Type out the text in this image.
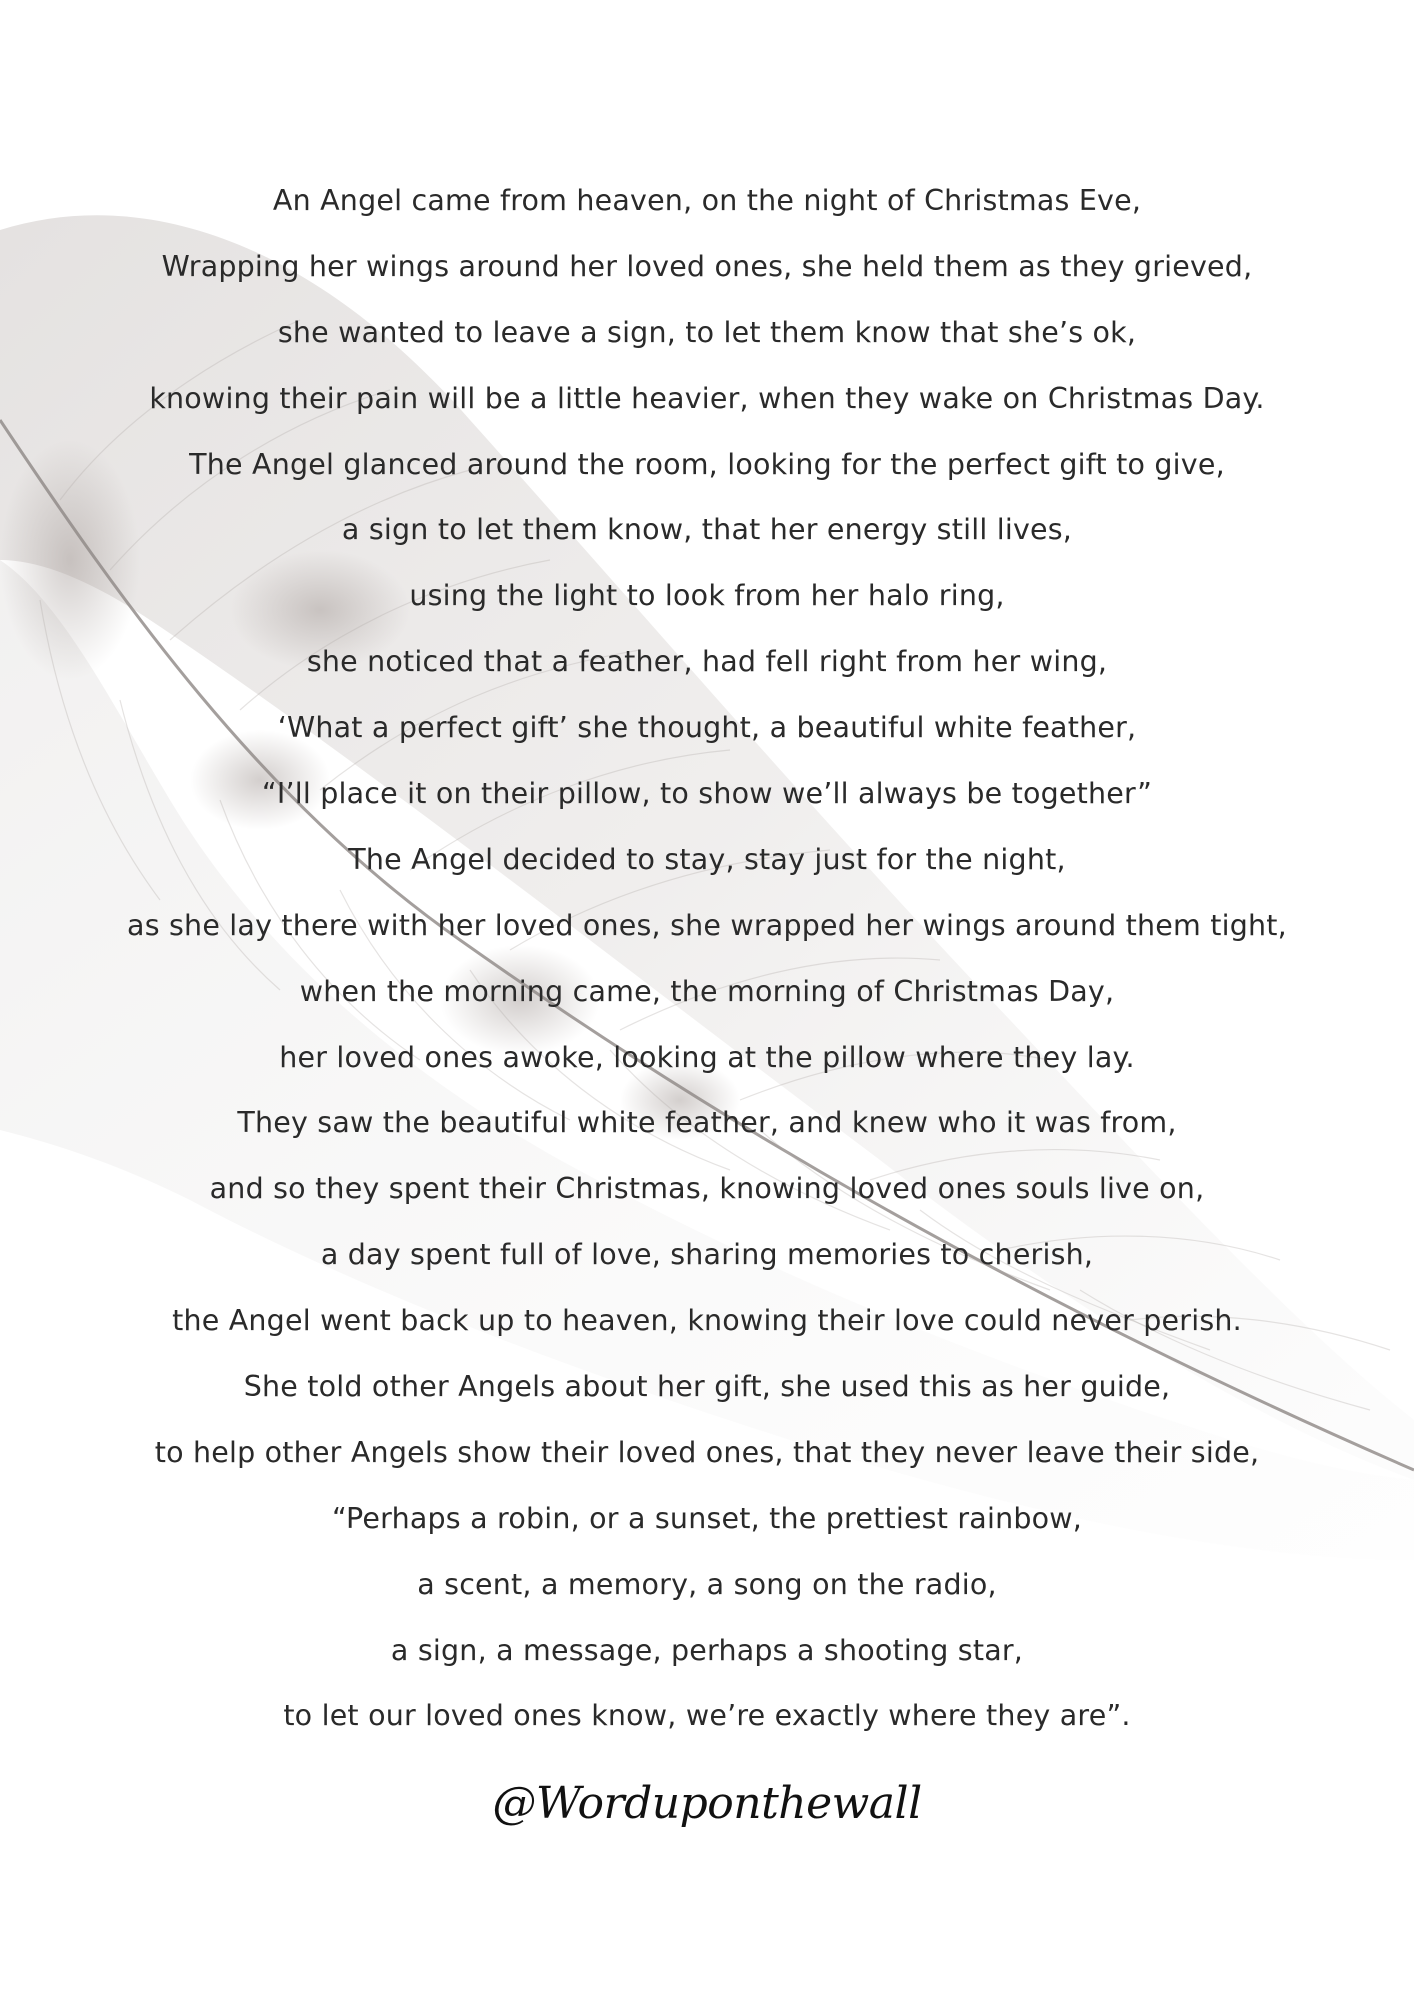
An Angel came from heaven, on the night of Christmas Eve,
Wrapping her wings around her loved ones, she held them as they grieved,
she wanted to leave a sign, to let them know that she’s ok,
knowing their pain will be a little heavier, when they wake on Christmas Day.
The Angel glanced around the room, looking for the perfect gift to give,
a sign to let them know, that her energy still lives,
using the light to look from her halo ring,
she noticed that a feather, had fell right from her wing,
‘What a perfect gift’ she thought, a beautiful white feather,
“I’ll place it on their pillow, to show we’ll always be together”
The Angel decided to stay, stay just for the night,
as she lay there with her loved ones, she wrapped her wings around them tight,
when the morning came, the morning of Christmas Day,
her loved ones awoke, looking at the pillow where they lay.
They saw the beautiful white feather, and knew who it was from,
and so they spent their Christmas, knowing loved ones souls live on,
a day spent full of love, sharing memories to cherish,
the Angel went back up to heaven, knowing their love could never perish.
She told other Angels about her gift, she used this as her guide,
to help other Angels show their loved ones, that they never leave their side,
“Perhaps a robin, or a sunset, the prettiest rainbow,
a scent, a memory, a song on the radio,
a sign, a message, perhaps a shooting star,
to let our loved ones know, we’re exactly where they are”.
@Worduponthewall
